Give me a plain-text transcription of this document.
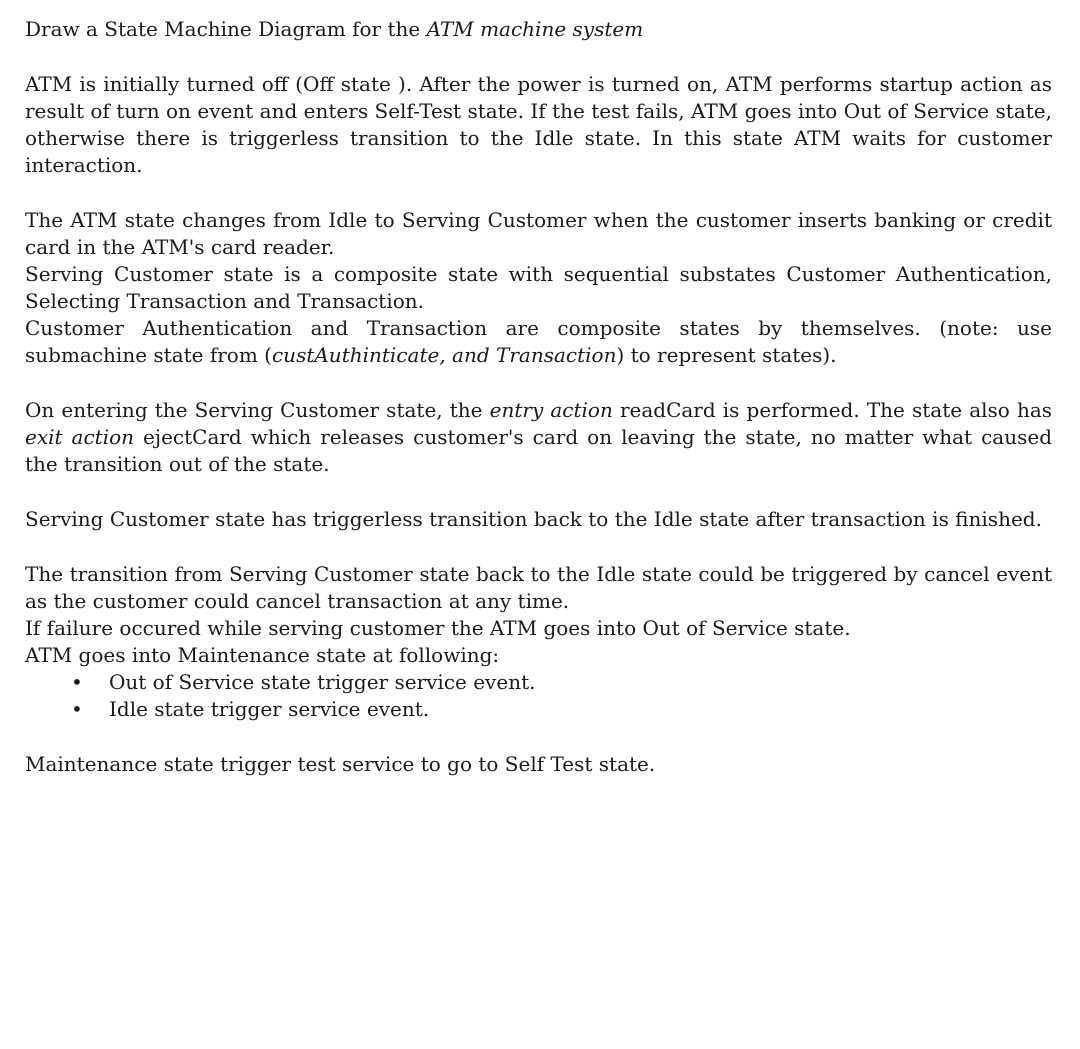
Draw a State Machine Diagram for the ATM machine system

ATM is initially turned off (Off state ). After the power is turned on, ATM performs startup action as result of turn on event and enters Self-Test state. If the test fails, ATM goes into Out of Service state, otherwise there is triggerless transition to the Idle state. In this state ATM waits for customer interaction.

The ATM state changes from Idle to Serving Customer when the customer inserts banking or credit card in the ATM's card reader.

Serving Customer state is a composite state with sequential substates Customer Authentication, Selecting Transaction and Transaction.

Customer Authentication and Transaction are composite states by themselves. (note: use submachine state from (custAuthinticate, and Transaction) to represent states).

On entering the Serving Customer state, the entry action readCard is performed. The state also has exit action ejectCard which releases customer's card on leaving the state, no matter what caused the transition out of the state.

Serving Customer state has triggerless transition back to the Idle state after transaction is finished.

The transition from Serving Customer state back to the Idle state could be triggered by cancel event as the customer could cancel transaction at any time.

If failure occured while serving customer the ATM goes into Out of Service state.

ATM goes into Maintenance state at following:

• Out of Service state trigger service event.
• Idle state trigger service event.

Maintenance state trigger test service to go to Self Test state.
